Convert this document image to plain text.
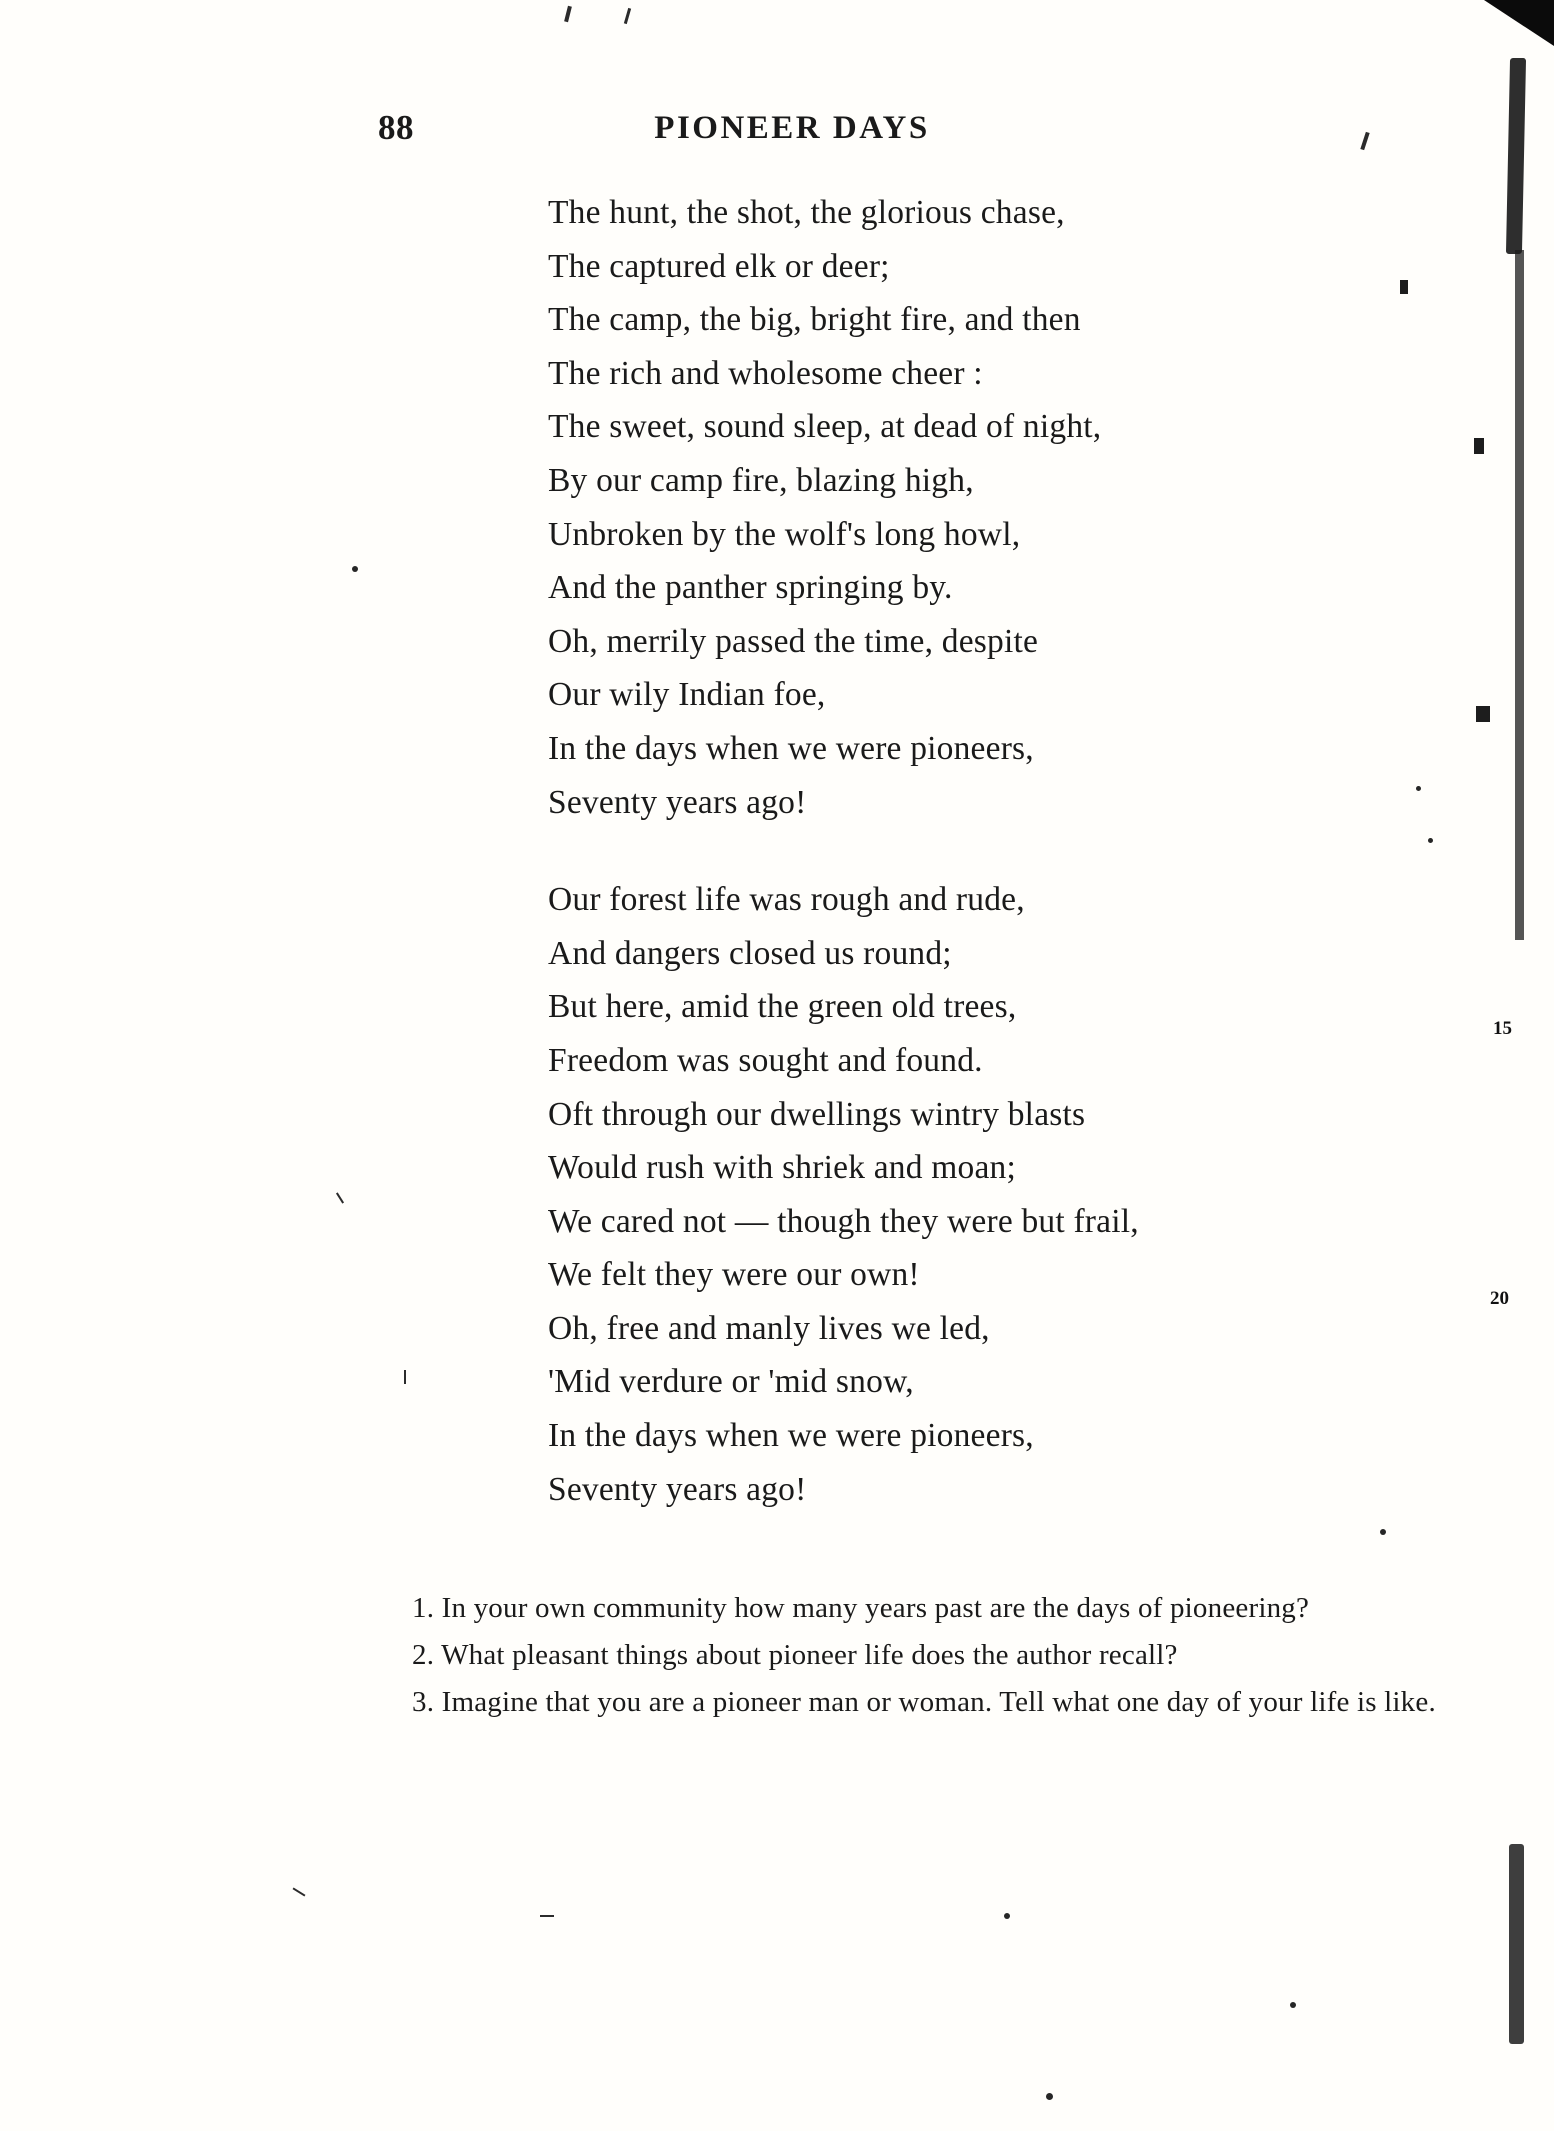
88	PIONEER DAYS
The hunt, the shot, the glorious chase,
The captured elk or deer;
The camp, the big, bright fire, and then
The rich and wholesome cheer :
The sweet, sound sleep, at dead of night,
By our camp fire, blazing high,
Unbroken by the wolf's long howl,
And the panther springing by.
Oh, merrily passed the time, despite
Our wily Indian foe,
In the days when we were pioneers,
Seventy years ago!
Our forest life was rough and rude,
And dangers closed us round;
But here, amid the green old trees,
Freedom was sought and found.
Oft through our dwellings wintry blasts
Would rush with shriek and moan;
We cared not — though they were but frail,
We felt they were our own!
Oh, free and manly lives we led,
'Mid verdure or 'mid snow,
In the days when we were pioneers,
Seventy years ago!
15
20
1. In your own community how many years past are the days of pioneering?
2. What pleasant things about pioneer life does the author recall?
3. Imagine that you are a pioneer man or woman. Tell what one day of your life is like.
